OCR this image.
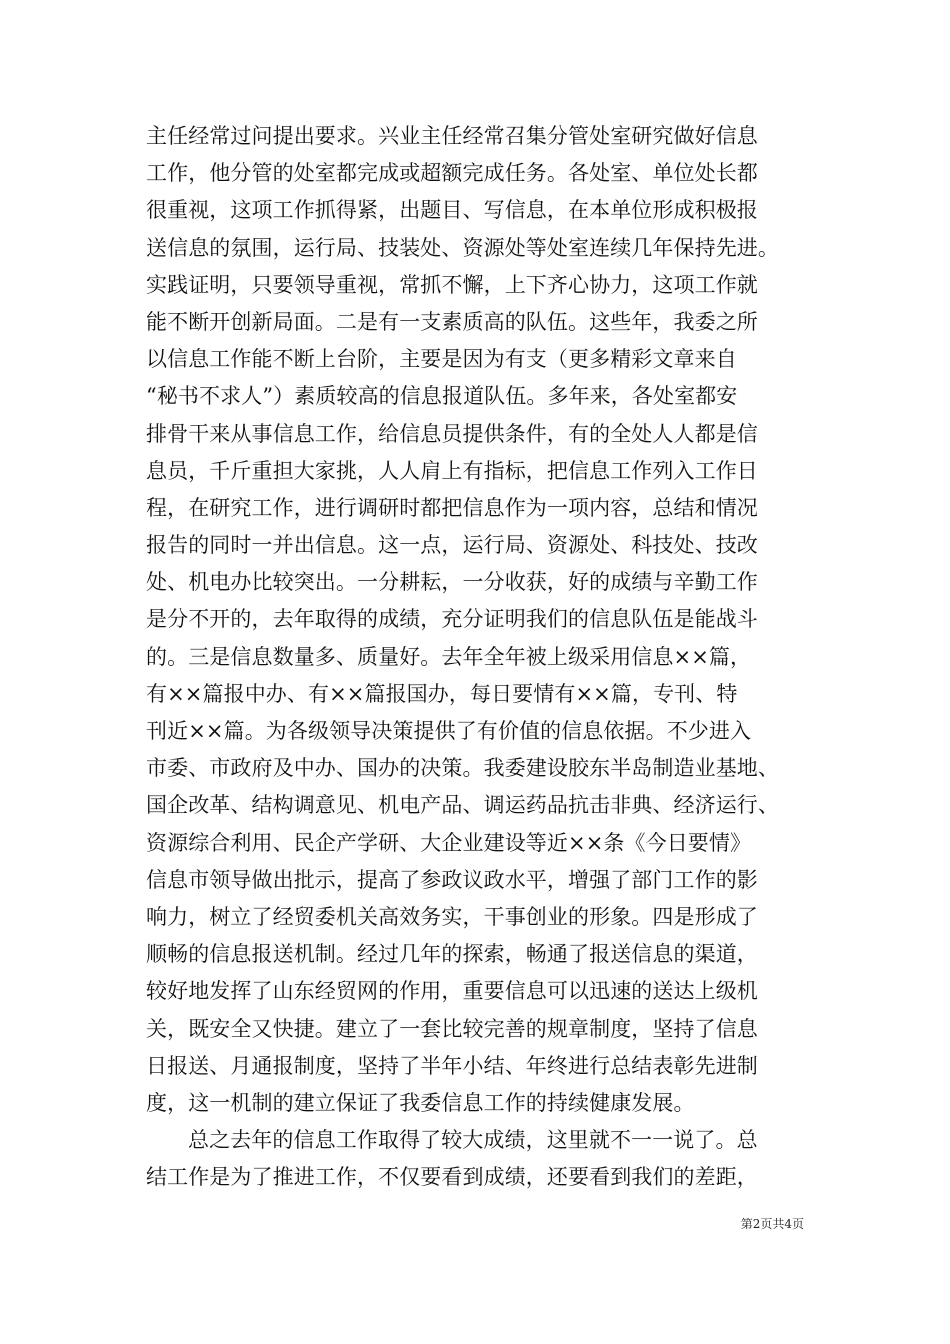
主任经常过问提出要求。兴业主任经常召集分管处室研究做好信息
工作，他分管的处室都完成或超额完成任务。各处室、单位处长都
很重视，这项工作抓得紧，出题目、写信息，在本单位形成积极报
送信息的氛围，运行局、技装处、资源处等处室连续几年保持先进。
实践证明，只要领导重视，常抓不懈，上下齐心协力，这项工作就
能不断开创新局面。二是有一支素质高的队伍。这些年，我委之所
以信息工作能不断上台阶，主要是因为有支（更多精彩文章来自
“秘书不求人”）素质较高的信息报道队伍。多年来，各处室都安
排骨干来从事信息工作，给信息员提供条件，有的全处人人都是信
息员，千斤重担大家挑，人人肩上有指标，把信息工作列入工作日
程，在研究工作，进行调研时都把信息作为一项内容，总结和情况
报告的同时一并出信息。这一点，运行局、资源处、科技处、技改
处、机电办比较突出。一分耕耘，一分收获，好的成绩与辛勤工作
是分不开的，去年取得的成绩，充分证明我们的信息队伍是能战斗
的。三是信息数量多、质量好。去年全年被上级采用信息××篇，
有××篇报中办、有××篇报国办，每日要情有××篇，专刊、特
刊近××篇。为各级领导决策提供了有价值的信息依据。不少进入
市委、市政府及中办、国办的决策。我委建设胶东半岛制造业基地、
国企改革、结构调意见、机电产品、调运药品抗击非典、经济运行、
资源综合利用、民企产学研、大企业建设等近××条《今日要情》
信息市领导做出批示，提高了参政议政水平，增强了部门工作的影
响力，树立了经贸委机关高效务实，干事创业的形象。四是形成了
顺畅的信息报送机制。经过几年的探索，畅通了报送信息的渠道，
较好地发挥了山东经贸网的作用，重要信息可以迅速的送达上级机
关，既安全又快捷。建立了一套比较完善的规章制度，坚持了信息
日报送、月通报制度，坚持了半年小结、年终进行总结表彰先进制
度，这一机制的建立保证了我委信息工作的持续健康发展。
总之去年的信息工作取得了较大成绩，这里就不一一说了。总
结工作是为了推进工作，不仅要看到成绩，还要看到我们的差距，
第2页共4页
